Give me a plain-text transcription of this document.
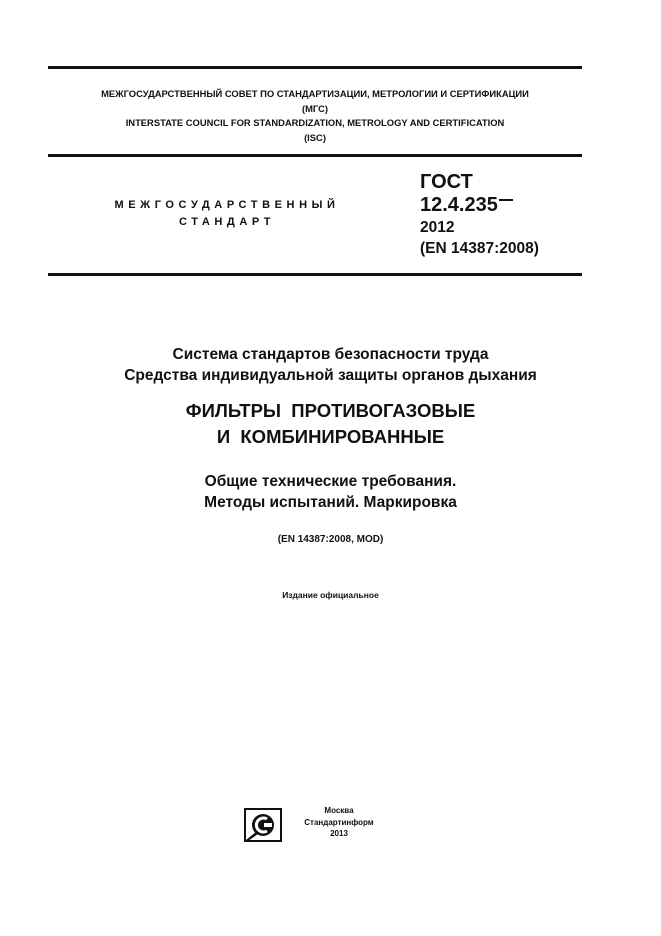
МЕЖГОСУДАРСТВЕННЫЙ СОВЕТ ПО СТАНДАРТИЗАЦИИ, МЕТРОЛОГИИ И СЕРТИФИКАЦИИ
(МГС)
INTERSTATE COUNCIL FOR STANDARDIZATION, METROLOGY AND CERTIFICATION
(ISC)
МЕЖГОСУДАРСТВЕННЫЙ
СТАНДАРТ
ГОСТ
12.4.235
2012
(EN 14387:2008)
Система стандартов безопасности труда
Средства индивидуальной защиты органов дыхания
ФИЛЬТРЫ  ПРОТИВОГАЗОВЫЕ
И  КОМБИНИРОВАННЫЕ
Общие технические требования.
Методы испытаний. Маркировка
(EN 14387:2008, MOD)
Издание официальное
Москва
Стандартинформ
2013
